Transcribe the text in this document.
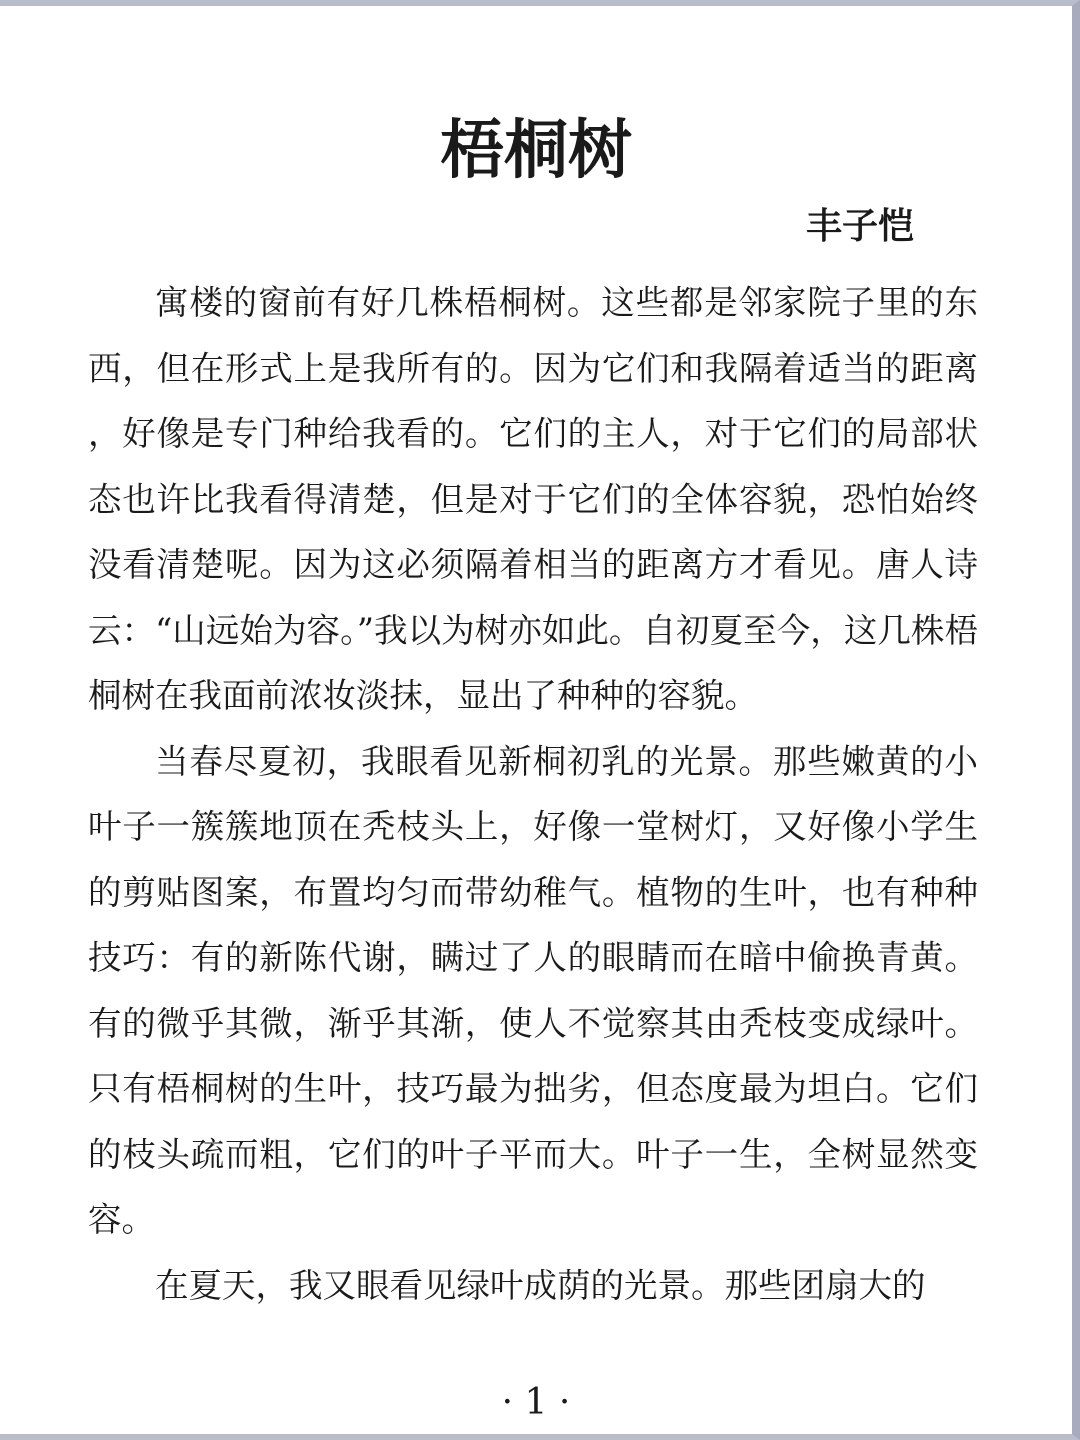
梧桐树

丰子恺

寓楼的窗前有好几株梧桐树。这些都是邻家院子里的东西，但在形式上是我所有的。因为它们和我隔着适当的距离，好像是专门种给我看的。它们的主人，对于它们的局部状态也许比我看得清楚，但是对于它们的全体容貌，恐怕始终没看清楚呢。因为这必须隔着相当的距离方才看见。唐人诗云：“山远始为容。”我以为树亦如此。自初夏至今，这几株梧桐树在我面前浓妆淡抹，显出了种种的容貌。

当春尽夏初，我眼看见新桐初乳的光景。那些嫩黄的小叶子一簇簇地顶在秃枝头上，好像一堂树灯，又好像小学生的剪贴图案，布置均匀而带幼稚气。植物的生叶，也有种种技巧：有的新陈代谢，瞒过了人的眼睛而在暗中偷换青黄。有的微乎其微，渐乎其渐，使人不觉察其由秃枝变成绿叶。只有梧桐树的生叶，技巧最为拙劣，但态度最为坦白。它们的枝头疏而粗，它们的叶子平而大。叶子一生，全树显然变容。

在夏天，我又眼看见绿叶成荫的光景。那些团扇大的

· 1 ·
